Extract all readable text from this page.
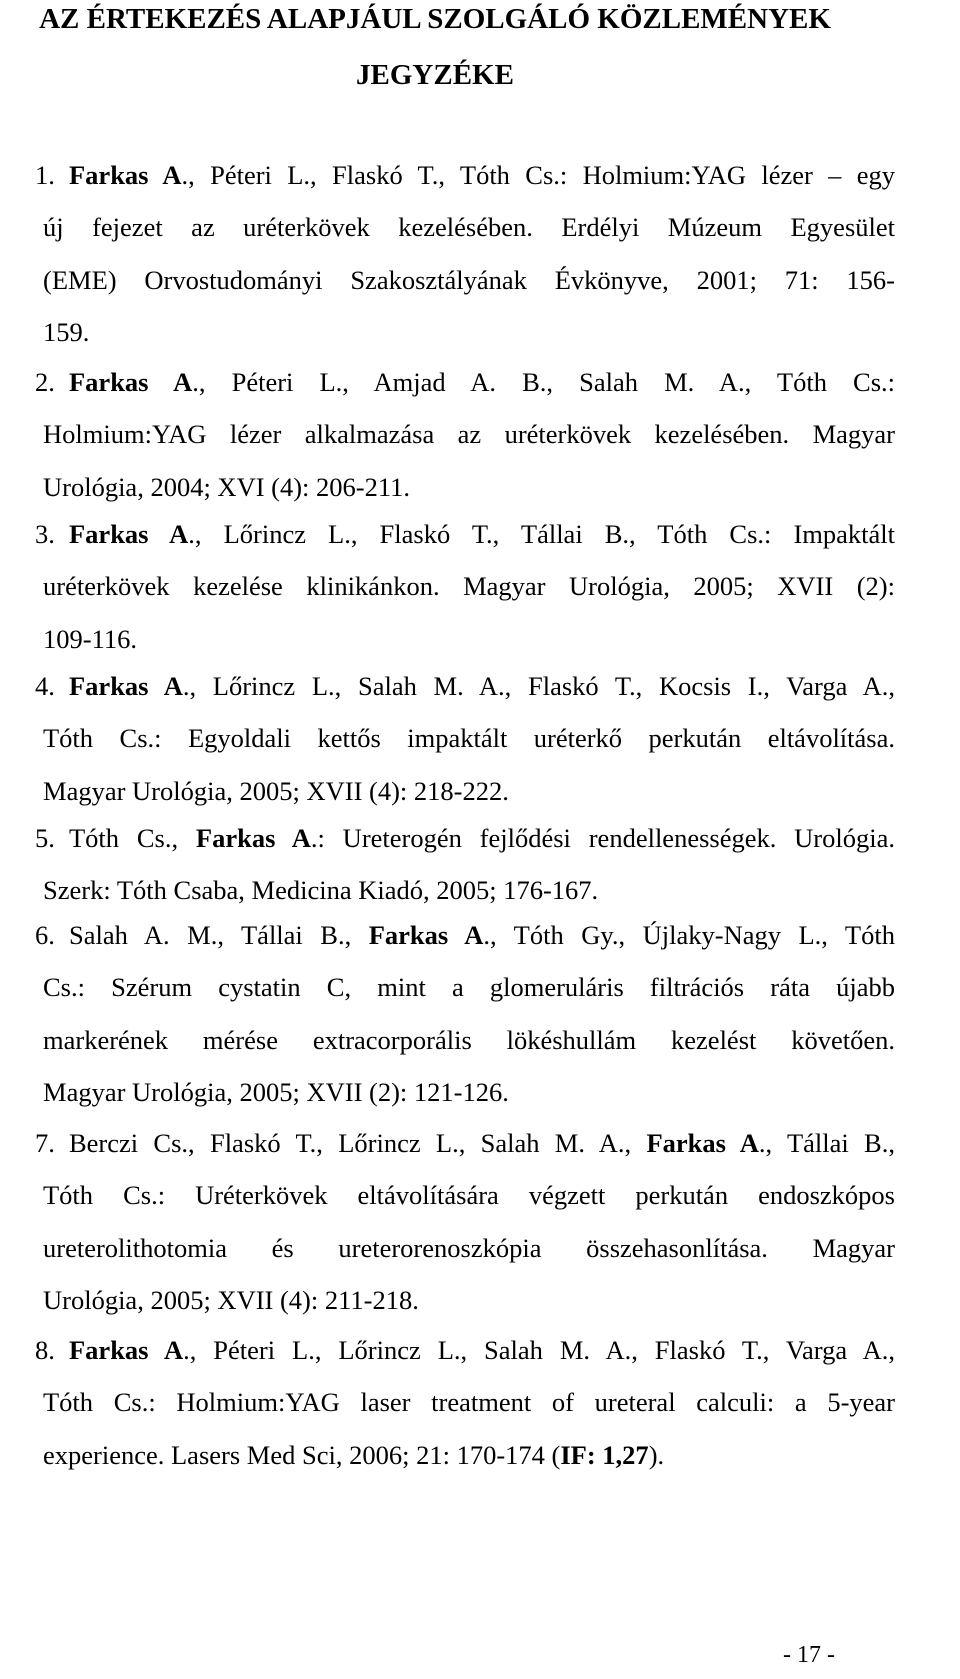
AZ ÉRTEKEZÉS ALAPJÁUL SZOLGÁLÓ KÖZLEMÉNYEK
JEGYZÉKE
1. Farkas A., Péteri L., Flaskó T., Tóth Cs.: Holmium:YAG lézer – egy
új fejezet az uréterkövek kezelésében. Erdélyi Múzeum Egyesület
(EME) Orvostudományi Szakosztályának Évkönyve, 2001; 71: 156-
159.
2. Farkas A., Péteri L., Amjad A. B., Salah M. A., Tóth Cs.:
Holmium:YAG lézer alkalmazása az uréterkövek kezelésében. Magyar
Urológia, 2004; XVI (4): 206-211.
3. Farkas A., Lőrincz L., Flaskó T., Tállai B., Tóth Cs.: Impaktált
uréterkövek kezelése klinikánkon. Magyar Urológia, 2005; XVII (2):
109-116.
4. Farkas A., Lőrincz L., Salah M. A., Flaskó T., Kocsis I., Varga A.,
Tóth Cs.: Egyoldali kettős impaktált uréterkő perkután eltávolítása.
Magyar Urológia, 2005; XVII (4): 218-222.
5. Tóth Cs., Farkas A.: Ureterogén fejlődési rendellenességek. Urológia.
Szerk: Tóth Csaba, Medicina Kiadó, 2005; 176-167.
6. Salah A. M., Tállai B., Farkas A., Tóth Gy., Újlaky-Nagy L., Tóth
Cs.: Szérum cystatin C, mint a glomeruláris filtrációs ráta újabb
markerének mérése extracorporális lökéshullám kezelést követően.
Magyar Urológia, 2005; XVII (2): 121-126.
7. Berczi Cs., Flaskó T., Lőrincz L., Salah M. A., Farkas A., Tállai B.,
Tóth Cs.: Uréterkövek eltávolítására végzett perkután endoszkópos
ureterolithotomia és ureterorenoszkópia összehasonlítása. Magyar
Urológia, 2005; XVII (4): 211-218.
8. Farkas A., Péteri L., Lőrincz L., Salah M. A., Flaskó T., Varga A.,
Tóth Cs.: Holmium:YAG laser treatment of ureteral calculi: a 5-year
experience. Lasers Med Sci, 2006; 21: 170-174 (IF: 1,27).
- 17 -
